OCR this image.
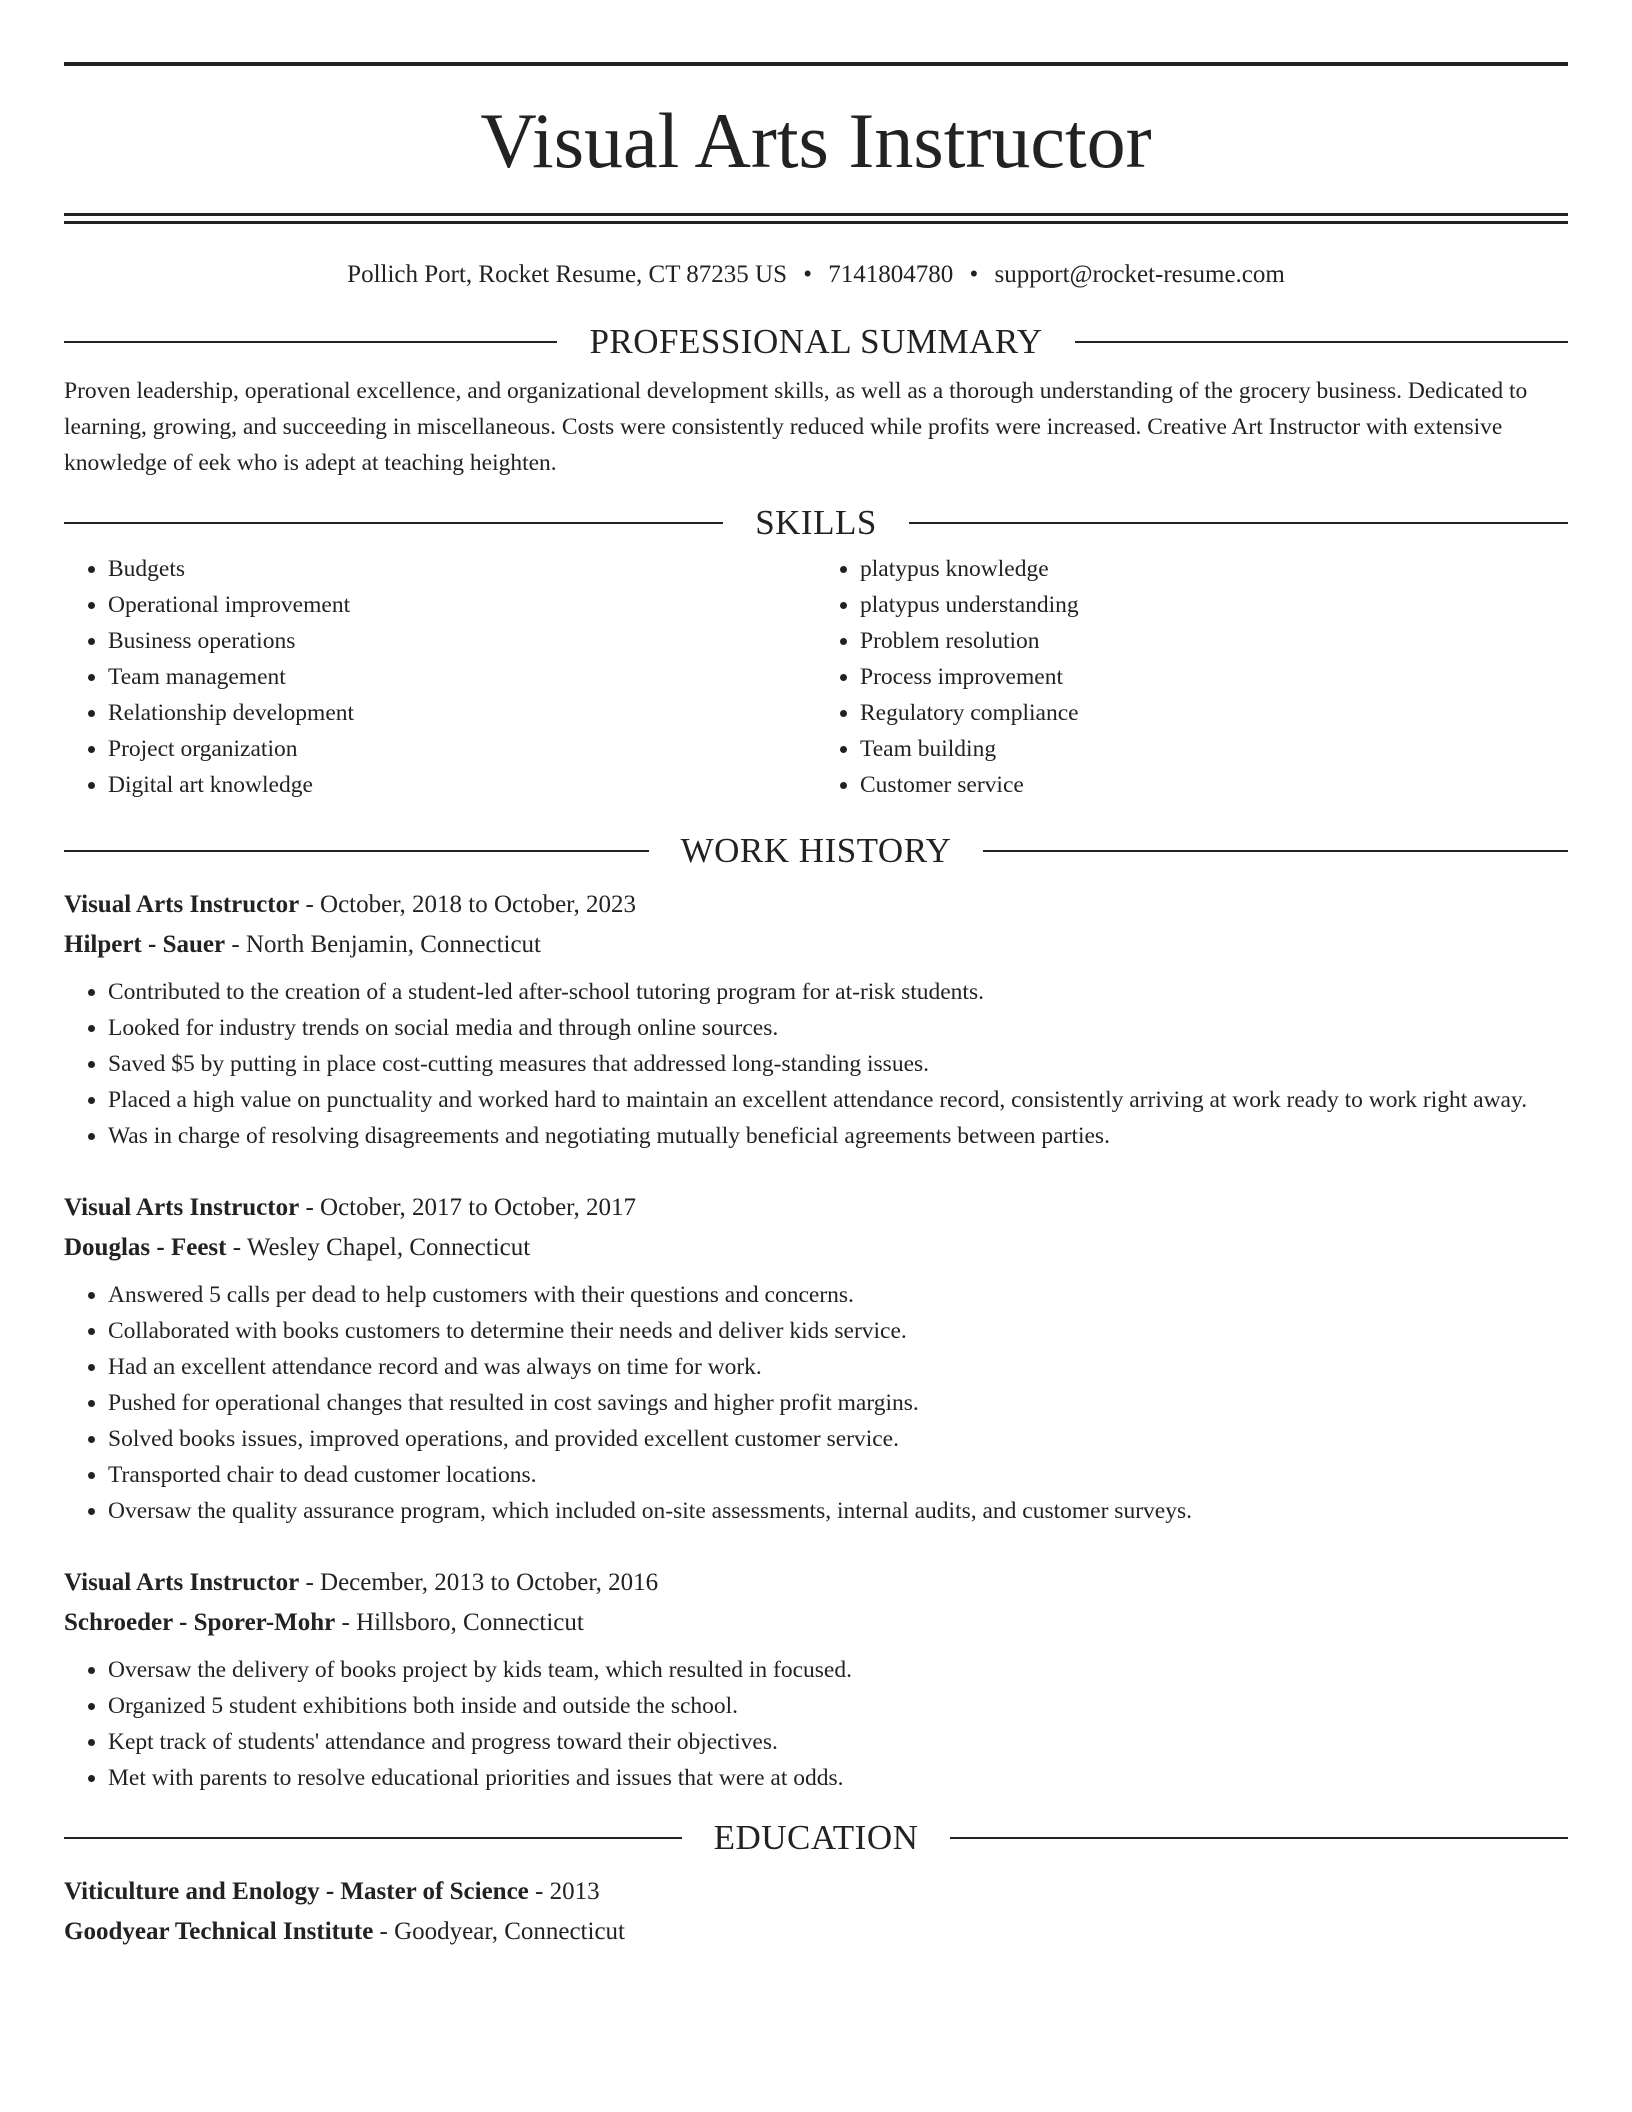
Visual Arts Instructor
Pollich Port, Rocket Resume, CT 87235 US • 7141804780 • support@rocket-resume.com
PROFESSIONAL SUMMARY

Proven leadership, operational excellence, and organizational development skills, as well as a thorough understanding of the grocery business. Dedicated to learning, growing, and succeeding in miscellaneous. Costs were consistently reduced while profits were increased. Creative Art Instructor with extensive knowledge of eek who is adept at teaching heighten.

SKILLS
• Budgets
• Operational improvement
• Business operations
• Team management
• Relationship development
• Project organization
• Digital art knowledge
• platypus knowledge
• platypus understanding
• Problem resolution
• Process improvement
• Regulatory compliance
• Team building
• Customer service
WORK HISTORY
Visual Arts Instructor - October, 2018 to October, 2023
Hilpert - Sauer - North Benjamin, Connecticut
• Contributed to the creation of a student-led after-school tutoring program for at-risk students.
• Looked for industry trends on social media and through online sources.
• Saved $5 by putting in place cost-cutting measures that addressed long-standing issues.
• Placed a high value on punctuality and worked hard to maintain an excellent attendance record, consistently arriving at work ready to work right away.
• Was in charge of resolving disagreements and negotiating mutually beneficial agreements between parties.
Visual Arts Instructor - October, 2017 to October, 2017
Douglas - Feest - Wesley Chapel, Connecticut
• Answered 5 calls per dead to help customers with their questions and concerns.
• Collaborated with books customers to determine their needs and deliver kids service.
• Had an excellent attendance record and was always on time for work.
• Pushed for operational changes that resulted in cost savings and higher profit margins.
• Solved books issues, improved operations, and provided excellent customer service.
• Transported chair to dead customer locations.
• Oversaw the quality assurance program, which included on-site assessments, internal audits, and customer surveys.
Visual Arts Instructor - December, 2013 to October, 2016
Schroeder - Sporer-Mohr - Hillsboro, Connecticut
• Oversaw the delivery of books project by kids team, which resulted in focused.
• Organized 5 student exhibitions both inside and outside the school.
• Kept track of students' attendance and progress toward their objectives.
• Met with parents to resolve educational priorities and issues that were at odds.
EDUCATION
Viticulture and Enology - Master of Science - 2013
Goodyear Technical Institute - Goodyear, Connecticut
